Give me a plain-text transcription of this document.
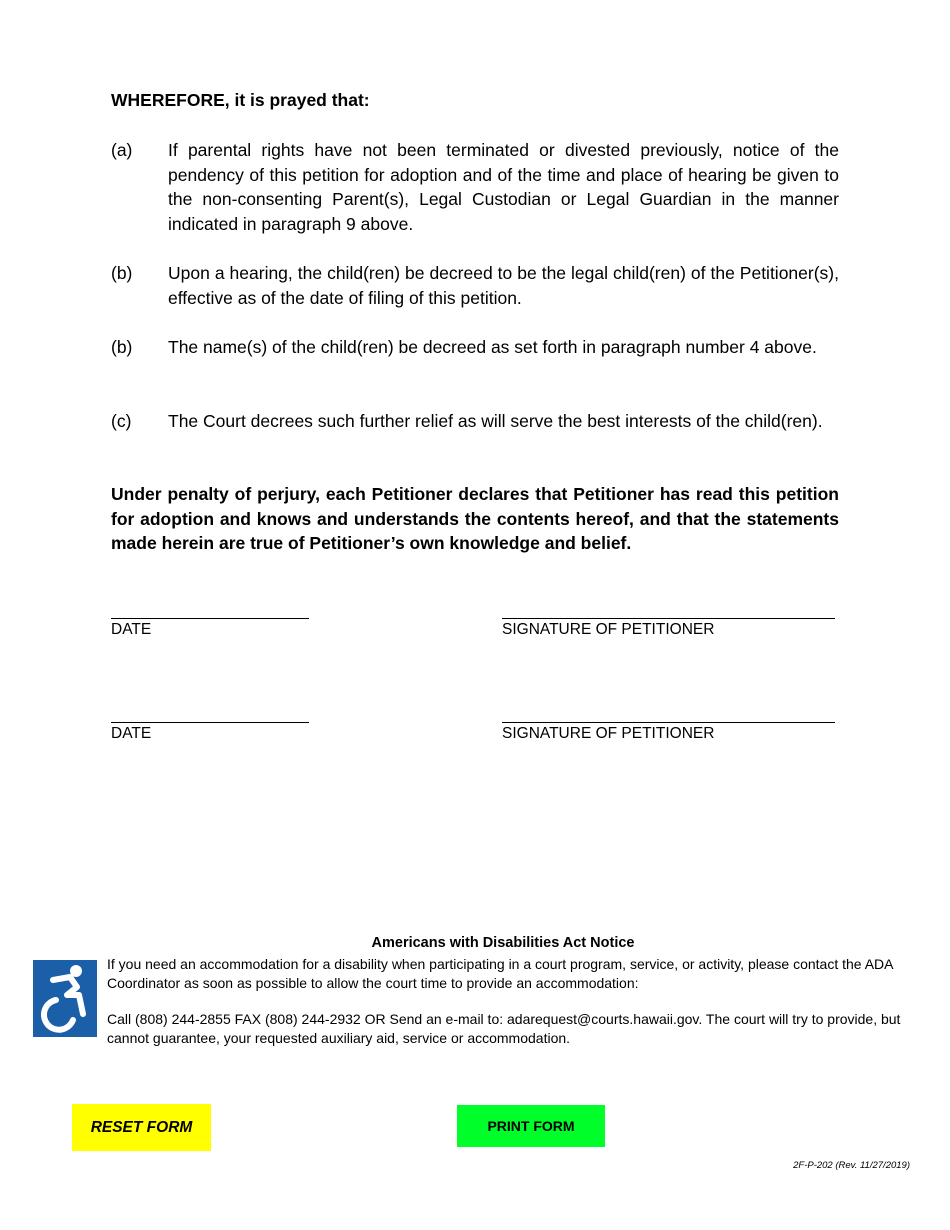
WHEREFORE, it is prayed that:
(a) If parental rights have not been terminated or divested previously, notice of the pendency of this petition for adoption and of the time and place of hearing be given to the non-consenting Parent(s), Legal Custodian or Legal Guardian in the manner indicated in paragraph 9 above.
(b) Upon a hearing, the child(ren) be decreed to be the legal child(ren) of the Petitioner(s), effective as of the date of filing of this petition.
(b) The name(s) of the child(ren) be decreed as set forth in paragraph number 4 above.
(c) The Court decrees such further relief as will serve the best interests of the child(ren).
Under penalty of perjury, each Petitioner declares that Petitioner has read this petition for adoption and knows and understands the contents hereof, and that the statements made herein are true of Petitioner’s own knowledge and belief.
DATE	SIGNATURE OF PETITIONER
DATE	SIGNATURE OF PETITIONER
Americans with Disabilities Act Notice
If you need an accommodation for a disability when participating in a court program, service, or activity, please contact the ADA Coordinator as soon as possible to allow the court time to provide an accommodation:
Call (808) 244-2855 FAX (808) 244-2932 OR Send an e-mail to: adarequest@courts.hawaii.gov. The court will try to provide, but cannot guarantee, your requested auxiliary aid, service or accommodation.
RESET FORM	PRINT FORM
2F-P-202 (Rev. 11/27/2019)
